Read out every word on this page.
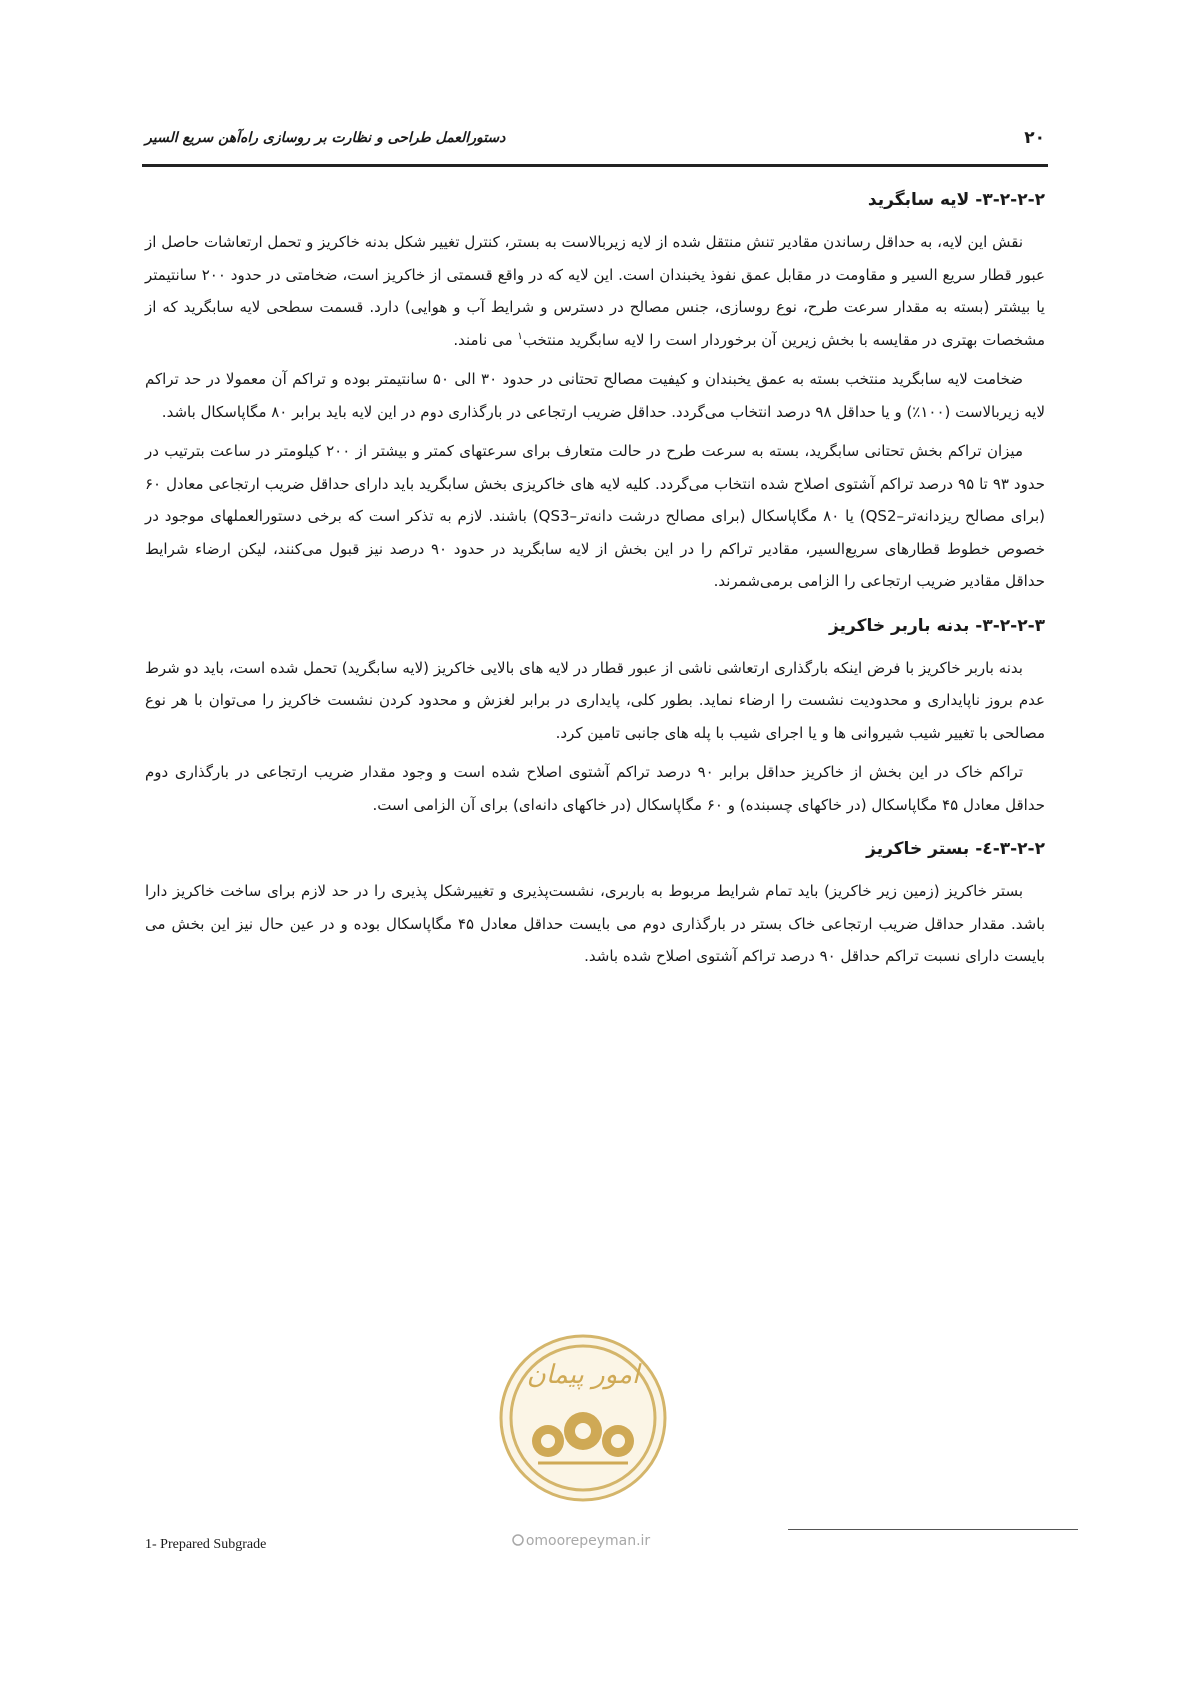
۲۰
دستورالعمل طراحی و نظارت بر روسازی راه‌آهن سریع السیر
۳-۲-۲-۲- لایه سابگرید

نقش این لایه، به حداقل رساندن مقادیر تنش منتقل شده از لایه زیربالاست به بستر، کنترل تغییر شکل بدنه خاکریز و تحمل ارتعاشات حاصل از عبور قطار سریع السیر و مقاومت در مقابل عمق نفوذ یخبندان است. این لایه که در واقع قسمتی از خاکریز است، ضخامتی در حدود ۲۰۰ سانتیمتر یا بیشتر (بسته به مقدار سرعت طرح، نوع روسازی، جنس مصالح در دسترس و شرایط آب و هوایی) دارد. قسمت سطحی لایه سابگرید که از مشخصات بهتری در مقایسه با بخش زیرین آن برخوردار است را لایه سابگرید منتخب$^۱$ می نامند.

ضخامت لایه سابگرید منتخب بسته به عمق یخبندان و کیفیت مصالح تحتانی در حدود ۳۰ الی ۵۰ سانتیمتر بوده و تراکم آن معمولا در حد تراکم لایه زیربالاست (۱۰۰٪) و یا حداقل ۹۸ درصد انتخاب می‌گردد. حداقل ضریب ارتجاعی در بارگذاری دوم در این لایه باید برابر ۸۰ مگاپاسکال باشد.

میزان تراکم بخش تحتانی سابگرید، بسته به سرعت طرح در حالت متعارف برای سرعتهای کمتر و بیشتر از ۲۰۰ کیلومتر در ساعت بترتیب در حدود ۹۳ تا ۹۵ درصد تراکم آشتوی اصلاح شده انتخاب می‌گردد. کلیه لایه های خاکریزی بخش سابگرید باید دارای حداقل ضریب ارتجاعی معادل ۶۰ (برای مصالح ریزدانه‌تر–QS2) یا ۸۰ مگاپاسکال (برای مصالح درشت دانه‌تر–QS3) باشند. لازم به تذکر است که برخی دستورالعملهای موجود در خصوص خطوط قطارهای سریع‌السیر، مقادیر تراکم را در این بخش از لایه سابگرید در حدود ۹۰ درصد نیز قبول می‌کنند، لیکن ارضاء شرایط حداقل مقادیر ضریب ارتجاعی را الزامی برمی‌شمرند.

۳-۲-۲-۳- بدنه باربر خاکریز

بدنه باربر خاکریز با فرض اینکه بارگذاری ارتعاشی ناشی از عبور قطار در لایه های بالایی خاکریز (لایه سابگرید) تحمل شده است، باید دو شرط عدم بروز ناپایداری و محدودیت نشست را ارضاء نماید. بطور کلی، پایداری در برابر لغزش و محدود کردن نشست خاکریز را می‌توان با هر نوع مصالحی با تغییر شیب شیروانی ها و یا اجرای شیب با پله های جانبی تامین کرد.

تراکم خاک در این بخش از خاکریز حداقل برابر ۹۰ درصد تراکم آشتوی اصلاح شده است و وجود مقدار ضریب ارتجاعی در بارگذاری دوم حداقل معادل ۴۵ مگاپاسکال (در خاکهای چسبنده) و ۶۰ مگاپاسکال (در خاکهای دانه‌ای) برای آن الزامی است.

۳-۲-۲-٤- بستر خاکریز

بستر خاکریز (زمین زیر خاکریز) باید تمام شرایط مربوط به باربری، نشست‌پذیری و تغییرشکل پذیری را در حد لازم برای ساخت خاکریز دارا باشد. مقدار حداقل ضریب ارتجاعی خاک بستر در بارگذاری دوم می بایست حداقل معادل ۴۵ مگاپاسکال بوده و در عین حال نیز این بخش می بایست دارای نسبت تراکم حداقل ۹۰ درصد تراکم آشتوی اصلاح شده باشد.

امور پیمان
omoorepeyman.ir
1- Prepared Subgrade
